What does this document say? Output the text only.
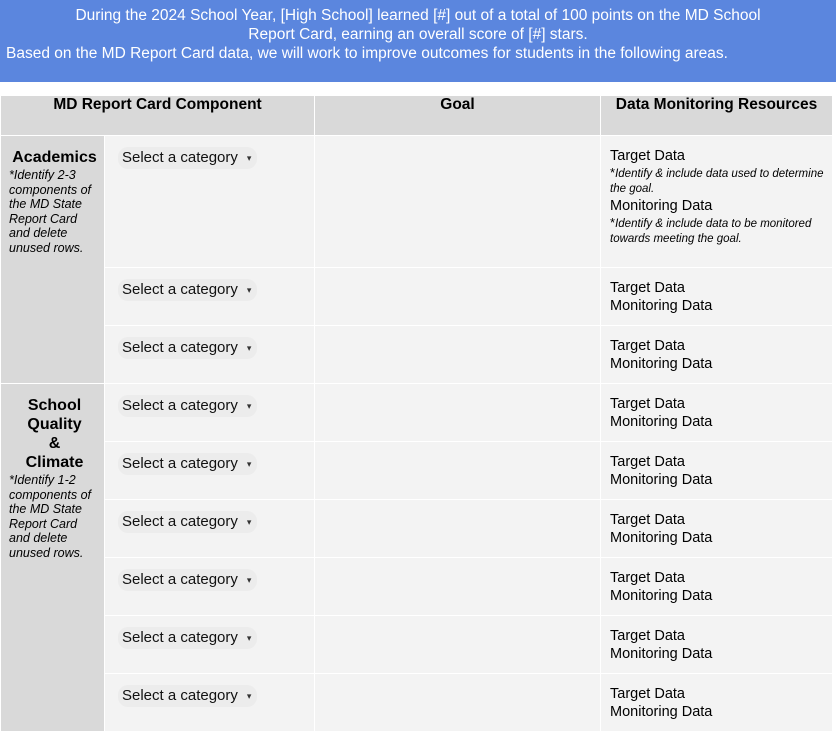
During the 2024 School Year, [High School] learned [#] out of a total of 100 points on the MD School
Report Card, earning an overall score of [#] stars.
Based on the MD Report Card data, we will work to improve outcomes for students in the following areas.
MD Report Card Component		Goal	Data Monitoring Resources

Academics
*Identify 2-3 components of the MD State Report Card and delete unused rows.	Select a category ▾		Target Data
*Identify & include data used to determine the goal.
Monitoring Data
*Identify & include data to be monitored towards meeting the goal.

	Select a category ▾		Target Data
Monitoring Data

	Select a category ▾		Target Data
Monitoring Data

School
Quality
&
Climate
*Identify 1-2 components of the MD State Report Card and delete unused rows.	Select a category ▾		Target Data
Monitoring Data

	Select a category ▾		Target Data
Monitoring Data

	Select a category ▾		Target Data
Monitoring Data

	Select a category ▾		Target Data
Monitoring Data

	Select a category ▾		Target Data
Monitoring Data

	Select a category ▾		Target Data
Monitoring Data
